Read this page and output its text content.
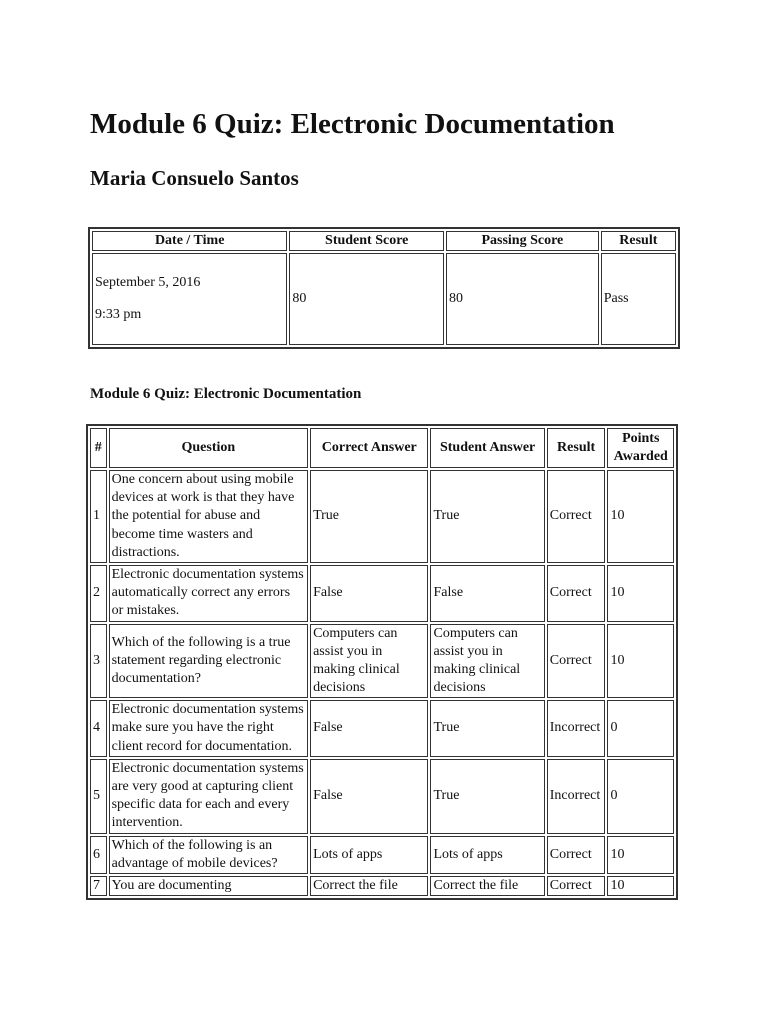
Module 6 Quiz: Electronic Documentation
Maria Consuelo Santos
Date / Time	Student Score	Passing Score	Result

September 5, 2016
9:33 pm	80	80	Pass
Module 6 Quiz: Electronic Documentation
#	Question	Correct Answer	Student Answer	Result	Points Awarded
1	One concern about using mobile devices at work is that they have the potential for abuse and become time wasters and distractions.	True	True	Correct	10
2	Electronic documentation systems automatically correct any errors or mistakes.	False	False	Correct	10
3	Which of the following is a true statement regarding electronic documentation?	Computers can assist you in making clinical decisions	Computers can assist you in making clinical decisions	Correct	10
4	Electronic documentation systems make sure you have the right client record for documentation.	False	True	Incorrect	0
5	Electronic documentation systems are very good at capturing client specific data for each and every intervention.	False	True	Incorrect	0
6	Which of the following is an advantage of mobile devices?	Lots of apps	Lots of apps	Correct	10
7	You are documenting	Correct the file	Correct the file	Correct	10
